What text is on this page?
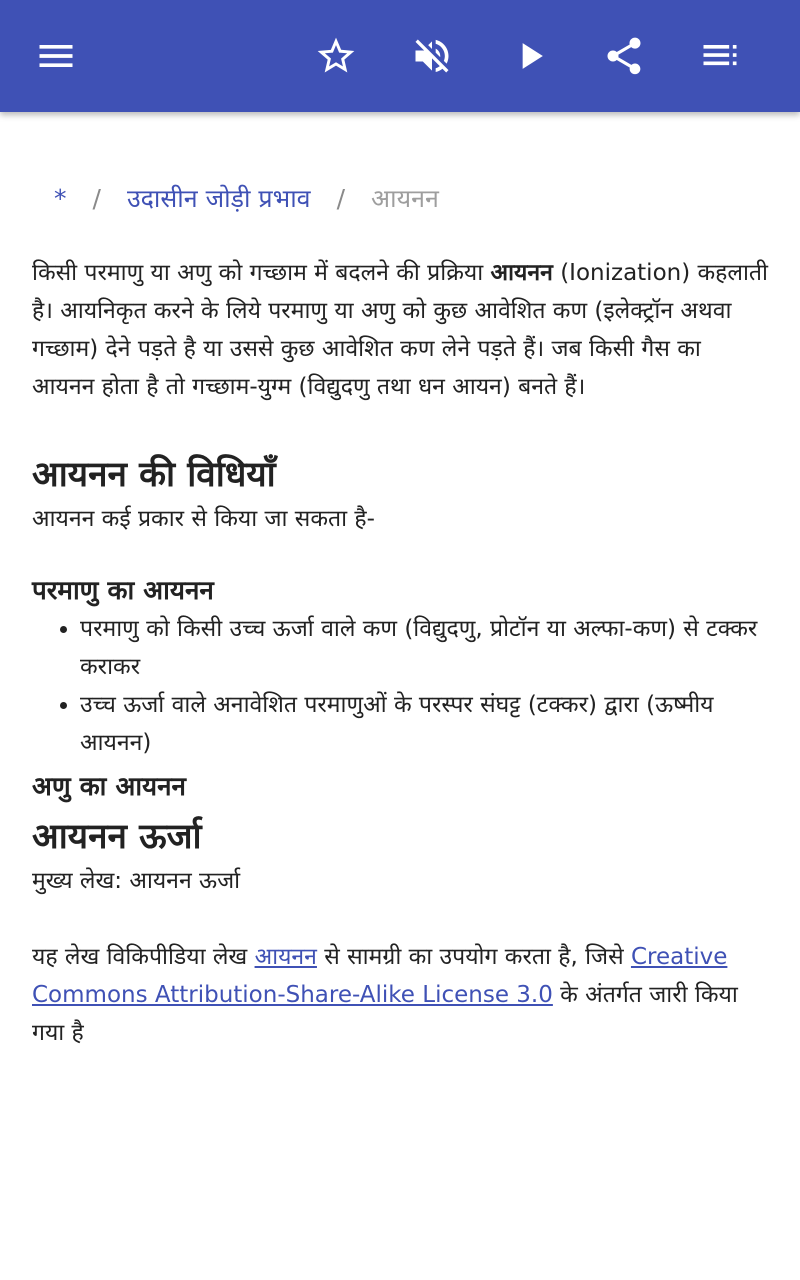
* / उदासीन जोड़ी प्रभाव / आयनन

किसी परमाणु या अणु को गच्छाम में बदलने की प्रक्रिया आयनन (Ionization) कहलाती है। आयनिकृत करने के लिये परमाणु या अणु को कुछ आवेशित कण (इलेक्ट्रॉन अथवा गच्छाम) देने पड़ते है या उससे कुछ आवेशित कण लेने पड़ते हैं। जब किसी गैस का आयनन होता है तो गच्छाम-युग्म (विद्युदणु तथा धन आयन) बनते हैं।

आयनन की विधियाँ

आयनन कई प्रकार से किया जा सकता है-

परमाणु का आयनन
• परमाणु को किसी उच्च ऊर्जा वाले कण (विद्युदणु, प्रोटॉन या अल्फा-कण) से टक्कर कराकर
• उच्च ऊर्जा वाले अनावेशित परमाणुओं के परस्पर संघट्ट (टक्कर) द्वारा (ऊष्मीय आयनन)
अणु का आयनन
आयनन ऊर्जा

मुख्य लेख: आयनन ऊर्जा

यह लेख विकिपीडिया लेख आयनन से सामग्री का उपयोग करता है, जिसे Creative Commons Attribution-Share-Alike License 3.0 के अंतर्गत जारी किया गया है
